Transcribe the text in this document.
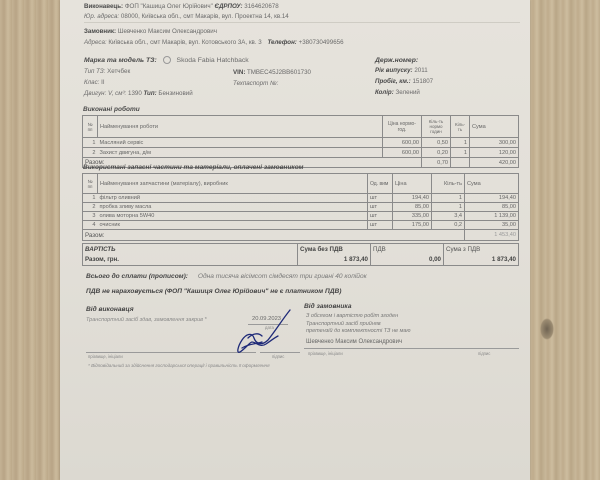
Виконавець: ФОП "Кашица Олег Юрійович" ЄДРПОУ: 3164620678
Юр. адреса: 08000, Київська обл., смт Макарів, вул. Проектна 14, кв.14
Замовник: Шевченко Максим Олександрович
Адреса: Київська обл., смт Макарів, вул. Котовського 3А, кв. 3 Телефон: +380730499656
Марка та модель ТЗ:	Skoda Fabia Hatchback
Тип ТЗ: Хетчбек
Клас: II
Двигун: V, см³: 1390 Тип: Бензиновий
VIN: TMBEC45J2BB601730
Техпаспорт №:
Держ.номер:
Рік випуску: 2011
Пробіг, км.: 151807
Колір: Зелений
Виконані роботи
№ пп	Найменування роботи	Ціна нормо-год.	Кіль-ть нормо годин	Кіль-ть	Сума
1	Масляний сервіс	600,00	0,50	1	300,00
2	Захист двигуна, д/м	600,00	0,20	1	120,00
Разом:			0,70		420,00
Використані запасні частини та матеріали, оплачені замовником
№ пп	Найменування запчастини (матеріалу), виробник	Од. вим	Ціна	Кіль-ть	Сума
1	фільтр оливний	шт	194,40	1	194,40
2	пробка зливу масла	шт	85,00	1	85,00
3	олива моторна 5W40	шт	335,00	3,4	1 139,00
4	очисник	шт	175,00	0,2	35,00
Разом:					1 453,40
ВАРТІСТЬ	Сума без ПДВ	ПДВ	Сума з ПДВ
Разом, грн.	1 873,40	0,00	1 873,40
Всього до сплати (прописом): Одна тисяча вісімсот сімдесят три гривні 40 копійок
ПДВ не нараховується (ФОП "Кашиця Олег Юрійович" не є платником ПДВ)
Від виконавця
Транспортний засіб здав, замовлення закрив *	20.09.2023
дата
Від замовника
З обсягом і вартістю робіт згоден
Транспортний засіб прийняв
претензій до комплектності ТЗ не маю
Шевченко Максим Олександрович
прізвище, ініціали	підпис
прізвище, ініціали	підпис
* Відповідальний за здійснення господарської операції і правильність її оформлення
